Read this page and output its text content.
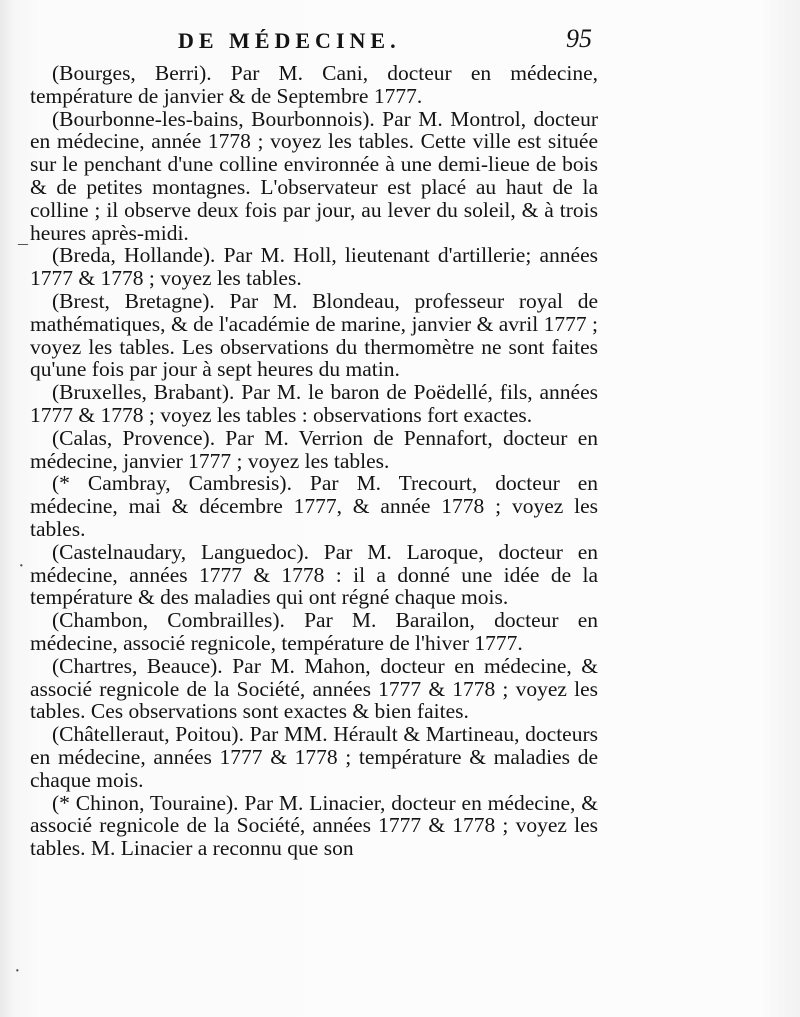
DE MÉDECINE.	95
–
·
·

(Bourges, Berri). Par M. Cani, docteur en médecine, température de janvier & de Septembre 1777.

(Bourbonne-les-bains, Bourbonnois). Par M. Montrol, docteur en médecine, année 1778 ; voyez les tables. Cette ville est située sur le penchant d'une colline environnée à une demi-lieue de bois & de petites montagnes. L'observateur est placé au haut de la colline ; il observe deux fois par jour, au lever du soleil, & à trois heures après-midi.

(Breda, Hollande). Par M. Holl, lieutenant d'artillerie; années 1777 & 1778 ; voyez les tables.

(Brest, Bretagne). Par M. Blondeau, professeur royal de mathématiques, & de l'académie de marine, janvier & avril 1777 ; voyez les tables. Les observations du thermomètre ne sont faites qu'une fois par jour à sept heures du matin.

(Bruxelles, Brabant). Par M. le baron de Poëdellé, fils, années 1777 & 1778 ; voyez les tables : observations fort exactes.

(Calas, Provence). Par M. Verrion de Pennafort, docteur en médecine, janvier 1777 ; voyez les tables.

(* Cambray, Cambresis). Par M. Trecourt, docteur en médecine, mai & décembre 1777, & année 1778 ; voyez les tables.

(Castelnaudary, Languedoc). Par M. Laroque, docteur en médecine, années 1777 & 1778 : il a donné une idée de la température & des maladies qui ont régné chaque mois.

(Chambon, Combrailles). Par M. Barailon, docteur en médecine, associé regnicole, température de l'hiver 1777.

(Chartres, Beauce). Par M. Mahon, docteur en médecine, & associé regnicole de la Société, années 1777 & 1778 ; voyez les tables. Ces observations sont exactes & bien faites.

(Châtelleraut, Poitou). Par MM. Hérault & Martineau, docteurs en médecine, années 1777 & 1778 ; température & maladies de chaque mois.

(* Chinon, Touraine). Par M. Linacier, docteur en médecine, & associé regnicole de la Société, années 1777 & 1778 ; voyez les tables. M. Linacier a reconnu que son
